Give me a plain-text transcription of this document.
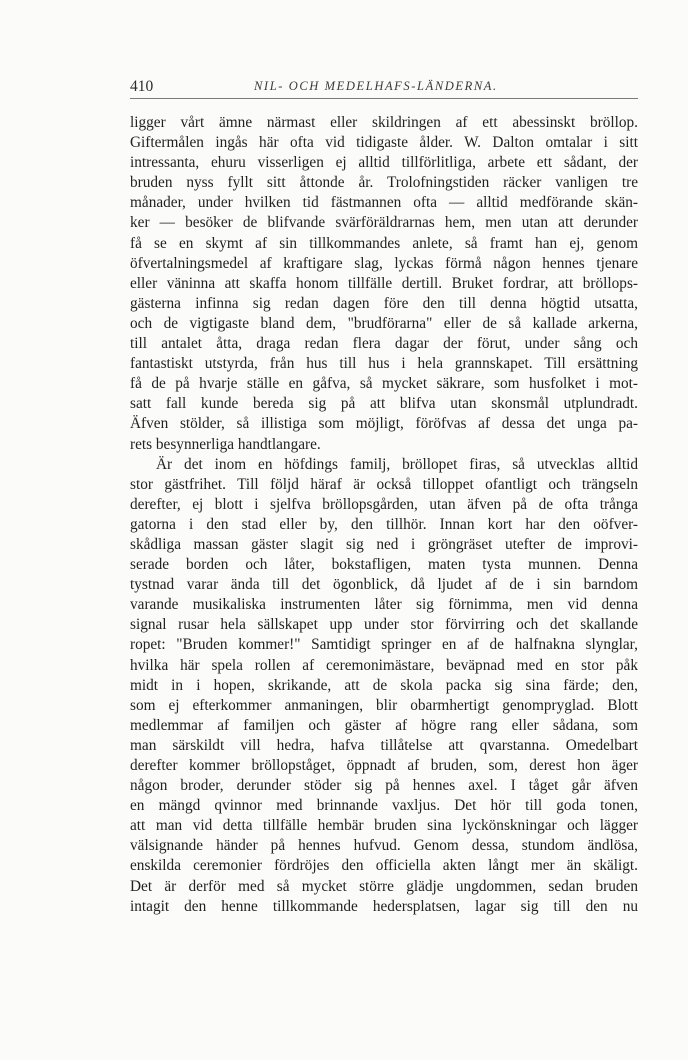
410	NIL- OCH MEDELHAFS-LÄNDERNA.
ligger vårt ämne närmast eller skildringen af ett abessinskt bröllop.
Giftermålen ingås här ofta vid tidigaste ålder. W. Dalton omtalar i sitt
intressanta, ehuru visserligen ej alltid tillförlitliga, arbete ett sådant, der
bruden nyss fyllt sitt åttonde år. Trolofningstiden räcker vanligen tre
månader, under hvilken tid fästmannen ofta — alltid medförande skän-
ker — besöker de blifvande svärföräldrarnas hem, men utan att derunder
få se en skymt af sin tillkommandes anlete, så framt han ej, genom
öfvertalningsmedel af kraftigare slag, lyckas förmå någon hennes tjenare
eller väninna att skaffa honom tillfälle dertill. Bruket fordrar, att bröllops-
gästerna infinna sig redan dagen före den till denna högtid utsatta,
och de vigtigaste bland dem, "brudförarna" eller de så kallade arkerna,
till antalet åtta, draga redan flera dagar der förut, under sång och
fantastiskt utstyrda, från hus till hus i hela grannskapet. Till ersättning
få de på hvarje ställe en gåfva, så mycket säkrare, som husfolket i mot-
satt fall kunde bereda sig på att blifva utan skonsmål utplundradt.
Äfven stölder, så illistiga som möjligt, föröfvas af dessa det unga pa-
rets besynnerliga handtlangare.
Är det inom en höfdings familj, bröllopet firas, så utvecklas alltid
stor gästfrihet. Till följd häraf är också tilloppet ofantligt och trängseln
derefter, ej blott i sjelfva bröllopsgården, utan äfven på de ofta trånga
gatorna i den stad eller by, den tillhör. Innan kort har den oöfver-
skådliga massan gäster slagit sig ned i gröngräset utefter de improvi-
serade borden och låter, bokstafligen, maten tysta munnen. Denna
tystnad varar ända till det ögonblick, då ljudet af de i sin barndom
varande musikaliska instrumenten låter sig förnimma, men vid denna
signal rusar hela sällskapet upp under stor förvirring och det skallande
ropet: "Bruden kommer!" Samtidigt springer en af de halfnakna slynglar,
hvilka här spela rollen af ceremonimästare, beväpnad med en stor påk
midt in i hopen, skrikande, att de skola packa sig sina färde; den,
som ej efterkommer anmaningen, blir obarmhertigt genompryglad. Blott
medlemmar af familjen och gäster af högre rang eller sådana, som
man särskildt vill hedra, hafva tillåtelse att qvarstanna. Omedelbart
derefter kommer bröllopståget, öppnadt af bruden, som, derest hon äger
någon broder, derunder stöder sig på hennes axel. I tåget går äfven
en mängd qvinnor med brinnande vaxljus. Det hör till goda tonen,
att man vid detta tillfälle hembär bruden sina lyckönskningar och lägger
välsignande händer på hennes hufvud. Genom dessa, stundom ändlösa,
enskilda ceremonier fördröjes den officiella akten långt mer än skäligt.
Det är derför med så mycket större glädje ungdommen, sedan bruden
intagit den henne tillkommande hedersplatsen, lagar sig till den nu
